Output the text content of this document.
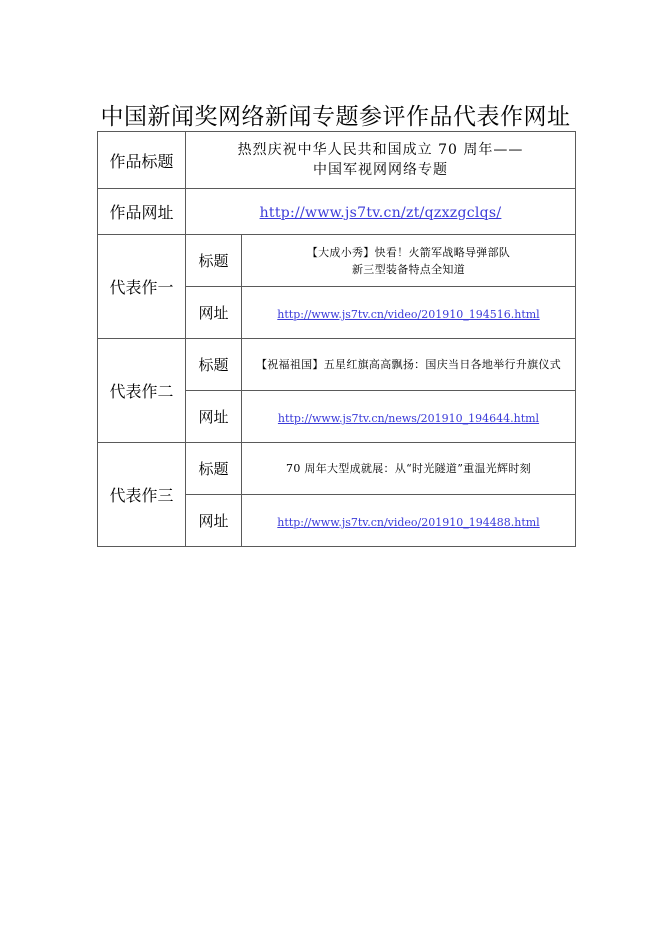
中国新闻奖网络新闻专题参评作品代表作网址
作品标题	热烈庆祝中华人民共和国成立 70 周年——
中国军视网网络专题	

作品网址	http://www.js7tv.cn/zt/qzxzgclqs/	
代表作一	标题	【大成小秀】快看！火箭军战略导弹部队
新三型装备特点全知道

	网址	http://www.js7tv.cn/video/201910_194516.html
代表作二	标题	【祝福祖国】五星红旗高高飘扬：国庆当日各地举行升旗仪式

	网址	http://www.js7tv.cn/news/201910_194644.html
代表作三	标题	70 周年大型成就展：从“时光隧道”重温光辉时刻

	网址	http://www.js7tv.cn/video/201910_194488.html
